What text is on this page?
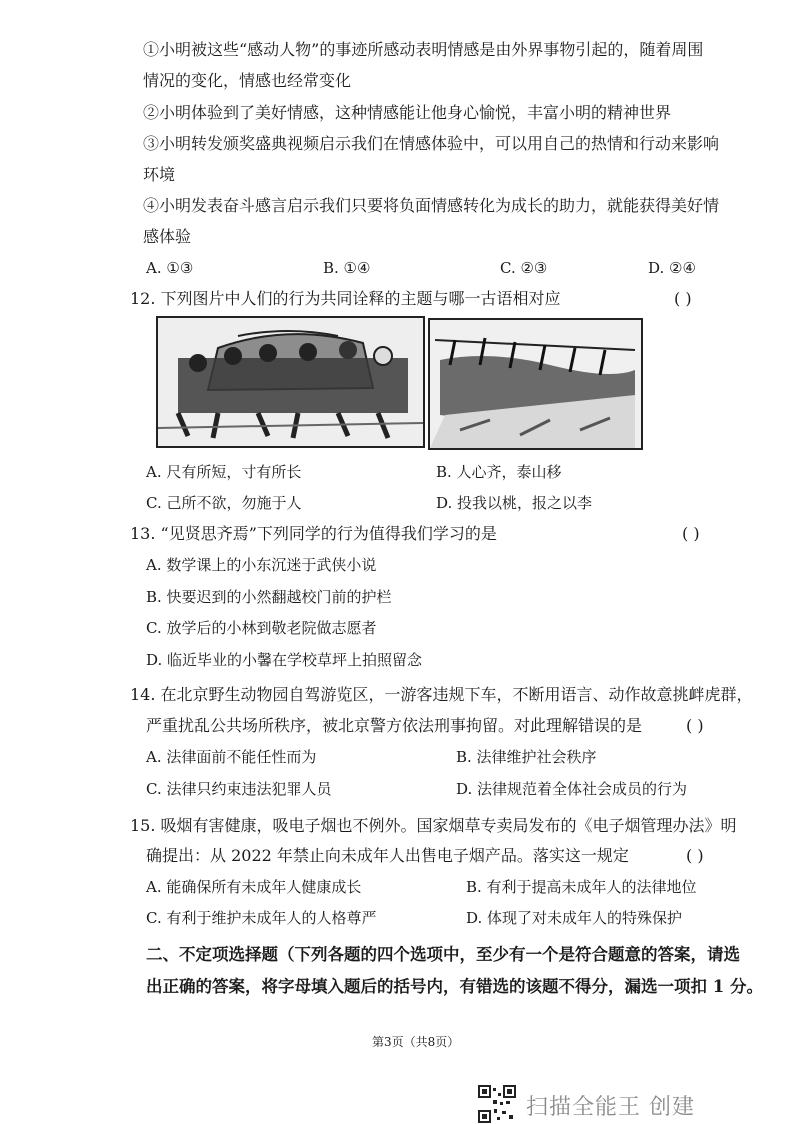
①小明被这些“感动人物”的事迹所感动表明情感是由外界事物引起的，随着周围
情况的变化，情感也经常变化
②小明体验到了美好情感，这种情感能让他身心愉悦，丰富小明的精神世界
③小明转发颁奖盛典视频启示我们在情感体验中，可以用自己的热情和行动来影响
环境
④小明发表奋斗感言启示我们只要将负面情感转化为成长的助力，就能获得美好情
感体验
A. ①③	B. ①④	C. ②③	D. ②④
12. 下列图片中人们的行为共同诠释的主题与哪一古语相对应	( )
A. 尺有所短，寸有所长	B. 人心齐，泰山移
C. 己所不欲，勿施于人	D. 投我以桃，报之以李
13. “见贤思齐焉”下列同学的行为值得我们学习的是	( )
A. 数学课上的小东沉迷于武侠小说
B. 快要迟到的小然翻越校门前的护栏
C. 放学后的小林到敬老院做志愿者
D. 临近毕业的小馨在学校草坪上拍照留念
14. 在北京野生动物园自驾游览区，一游客违规下车，不断用语言、动作故意挑衅虎群，
严重扰乱公共场所秩序，被北京警方依法刑事拘留。对此理解错误的是	( )
A. 法律面前不能任性而为	B. 法律维护社会秩序
C. 法律只约束违法犯罪人员	D. 法律规范着全体社会成员的行为
15. 吸烟有害健康，吸电子烟也不例外。国家烟草专卖局发布的《电子烟管理办法》明
确提出：从 2022 年禁止向未成年人出售电子烟产品。落实这一规定	( )
A. 能确保所有未成年人健康成长	B. 有利于提高未成年人的法律地位
C. 有利于维护未成年人的人格尊严	D. 体现了对未成年人的特殊保护
二、不定项选择题（下列各题的四个选项中，至少有一个是符合题意的答案，请选
出正确的答案，将字母填入题后的括号内，有错选的该题不得分，漏选一项扣 1 分。
第3页（共8页）
扫描全能王 创建
